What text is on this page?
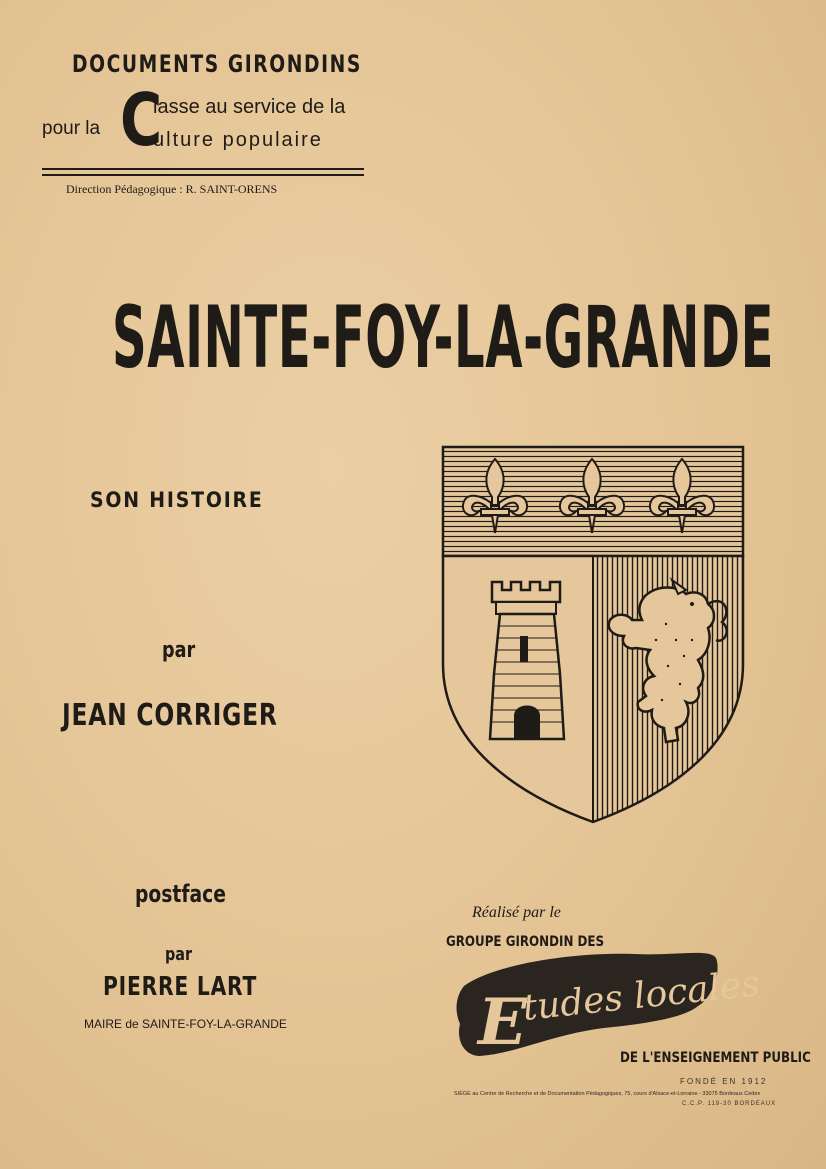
DOCUMENTS GIRONDINS
pour la C
lasse au service de la
ulture populaire
Direction Pédagogique : R. SAINT-ORENS
SAINTE-FOY-LA-GRANDE
SON HISTOIRE
par
JEAN CORRIGER
postface
par
PIERRE LART
MAIRE de SAINTE-FOY-LA-GRANDE
Réalisé par le
E
tudes locales
GROUPE GIRONDIN DES
DE L'ENSEIGNEMENT PUBLIC
FONDÉ EN 1912
SIÈGE au Centre de Recherche et de Documentation Pédagogiques, 75, cours d'Alsace-et-Lorraine - 33075 Bordeaux Cedex
C.C.P. 119-30 BORDEAUX
